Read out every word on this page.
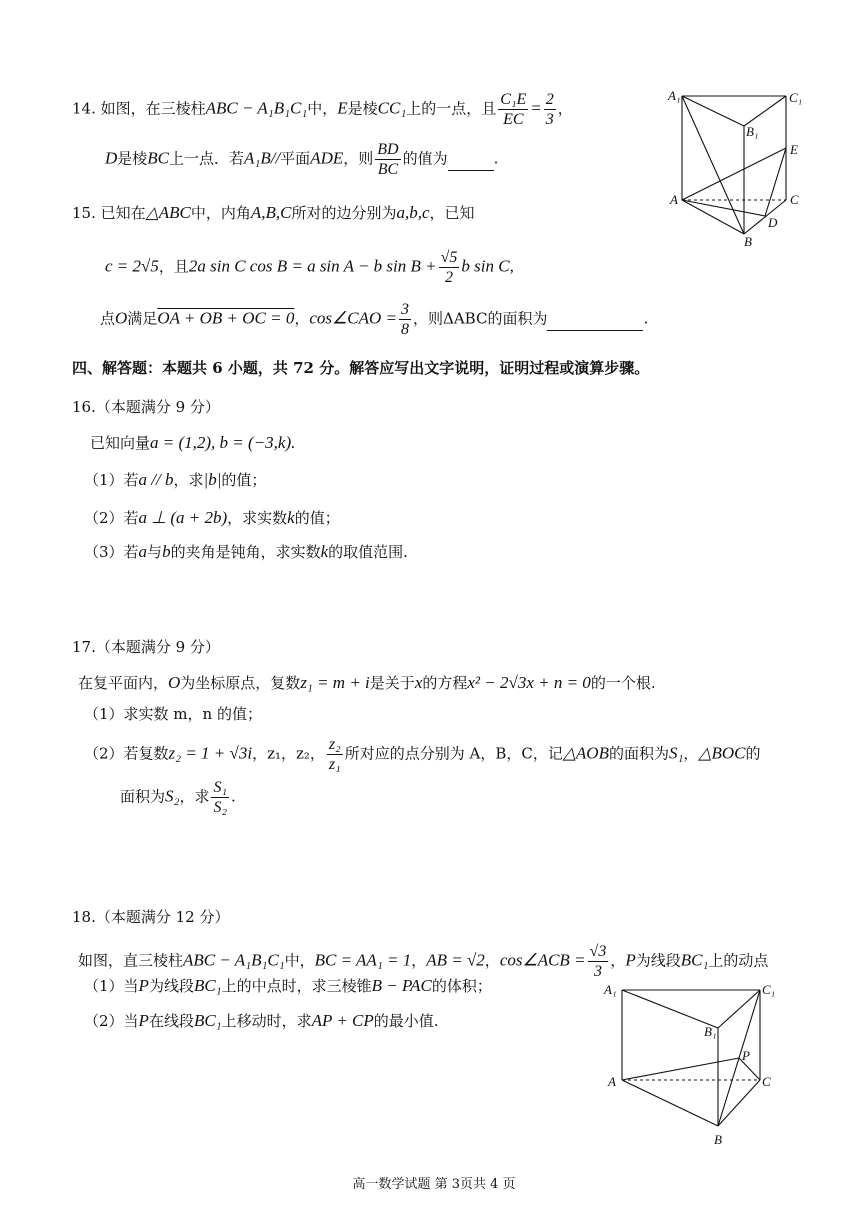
14. 如图，在三棱柱ABC − A₁B₁C₁中，E是棱CC₁上的一点，且 $\frac{\text{C₁E}}{EC} = \frac{2}{3}$ ，
D是棱BC上一点．若A₁B//平面ADE，则 $\frac{BD}{BC}$ 的值为	.
A₁	C₁
B₁
E
A	C
D
B
15. 已知在△ABC中，内角A,B,C所对的边分别为a,b,c，已知
c = 2√5，且2a sin C cos B = a sin A − b $\sin B + \frac{√5}{2}$ b sin C,
点O满足OA + OB + OC = 0，cos∠CAO = $\frac{3}{8}$ ，则ΔABC的面积为	.
四、解答题：本题共 6 小题，共 72 分。解答应写出文字说明，证明过程或演算步骤。
16.（本题满分 9 分）
已知向量a = (1,2), b = (−3,k).
（1）若a // b，求|b|的值；
（2）若a ⊥ (a + 2b)，求实数k的值；
（3）若a与b的夹角是钝角，求实数k的取值范围.
17.（本题满分 9 分）
在复平面内，O为坐标原点，复数z₁ = m + i是关于x的方程x² − 2√3x + n = 0的一个根.
（1）求实数 m，n 的值；
（2）若复数z₂ = 1 + √3i，z₁，z₂， $\frac{\text{z₂}}{\text{z₁}}$ 所对应的点分别为 A，B，C，记△AOB的面积为S₁，△BOC的
面积为S₂，求 $\frac{\text{S₁}}{\text{S₂}}$ .
18.（本题满分 12 分）
如图，直三棱柱ABC − A₁B₁C₁中，BC = AA₁ = 1，AB = √2，cos∠ACB = $\frac{√3}{3}$ ，P为线段BC₁上的动点
（1）当P为线段BC₁上的中点时，求三棱锥B − PAC的体积；
（2）当P在线段BC₁上移动时，求AP + CP的最小值.
A₁	C₁
B₁
P
A	C
B
高一数学试题 第 3页共 4 页
